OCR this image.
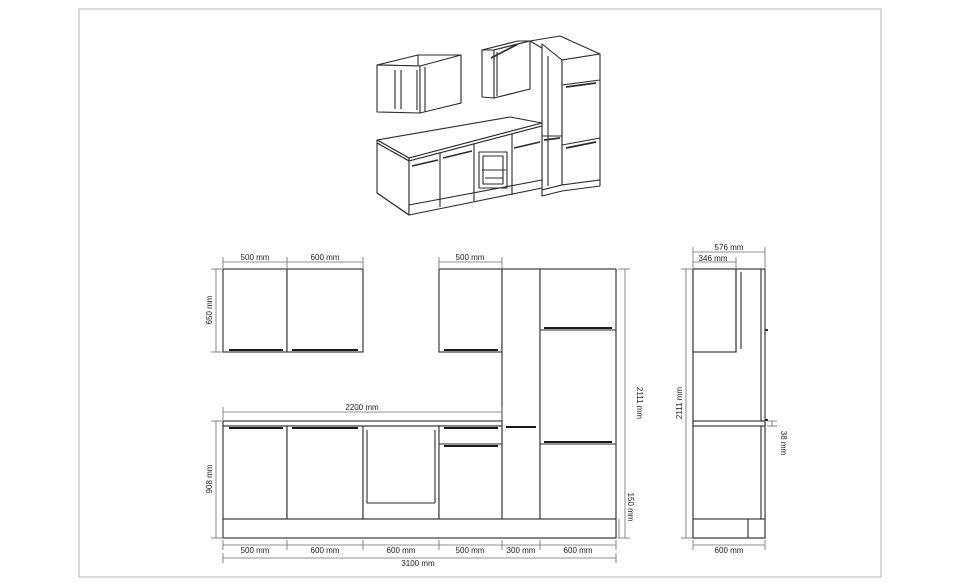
500 mm	600 mm	500 mm
650 mm
2200 mm	2111 mm
908 mm
150 mm
500 mm	600 mm	600 mm	500 mm	300 mm	600 mm
3100 mm
576 mm
346 mm
2111 mm
38 mm
600 mm
